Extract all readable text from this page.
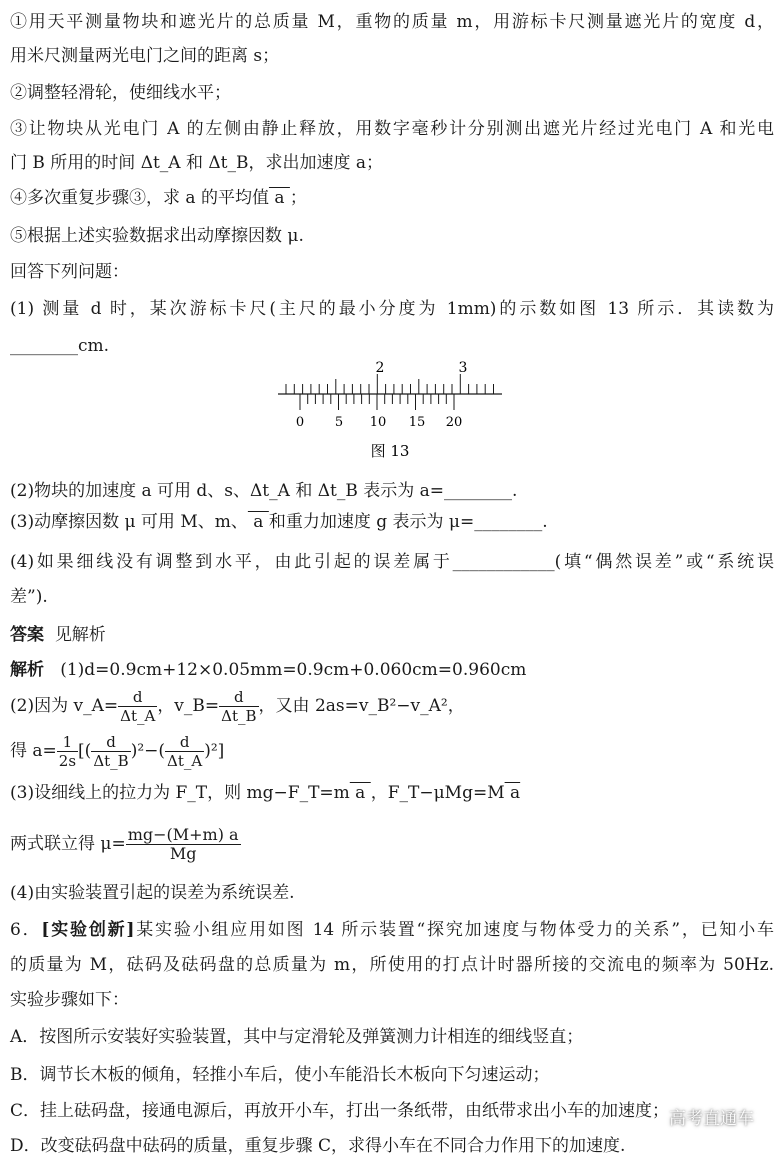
①用天平测量物块和遮光片的总质量 M，重物的质量 m，用游标卡尺测量遮光片的宽度 d，
用米尺测量两光电门之间的距离 s；
②调整轻滑轮，使细线水平；
③让物块从光电门 A 的左侧由静止释放，用数字毫秒计分别测出遮光片经过光电门 A 和光电
门 B 所用的时间 Δt_A 和 Δt_B，求出加速度 a；
④多次重复步骤③，求 a 的平均值 a ；
⑤根据上述实验数据求出动摩擦因数 μ.
回答下列问题：
(1) 测量 d 时，某次游标卡尺(主尺的最小分度为 1mm)的示数如图 13 所示．其读数为
________cm.
2	3
0 5 10 15 20
图 13
(2)物块的加速度 a 可用 d、s、Δt_A 和 Δt_B 表示为 a=________.
(3)动摩擦因数 μ 可用 M、m、 a 和重力加速度 g 表示为 μ=________.
(4)如果细线没有调整到水平，由此引起的误差属于____________(填“偶然误差”或“系统误
差”).
答案 见解析
解析 (1)d=0.9cm+12×0.05mm=0.9cm+0.060cm=0.960cm
(2)因为 v_A= $\frac{d}{\Delta t\_A}$ ，v_B= $\frac{d}{\Delta t\_B}$ ，又由 2as=v_B²−v_A²，
得 $a= \frac{1}{2s}$ [( $\frac{d}{\Delta t\_B} )^2-( \frac{d}{\Delta t\_A} )^2$]
(3)设细线上的拉力为 F_T，则 mg−F_T=m a ，F_T−μMg=M a
两式联立得 $\mu= \frac{mg-(M+m) a}{Mg}$
(4)由实验装置引起的误差为系统误差.
6．[实验创新]某实验小组应用如图 14 所示装置“探究加速度与物体受力的关系”，已知小车
的质量为 M，砝码及砝码盘的总质量为 m，所使用的打点计时器所接的交流电的频率为 50Hz.
实验步骤如下：
A．按图所示安装好实验装置，其中与定滑轮及弹簧测力计相连的细线竖直；
B．调节长木板的倾角，轻推小车后，使小车能沿长木板向下匀速运动；
C．挂上砝码盘，接通电源后，再放开小车，打出一条纸带，由纸带求出小车的加速度；
D．改变砝码盘中砝码的质量，重复步骤 C，求得小车在不同合力作用下的加速度.
高考直通车
